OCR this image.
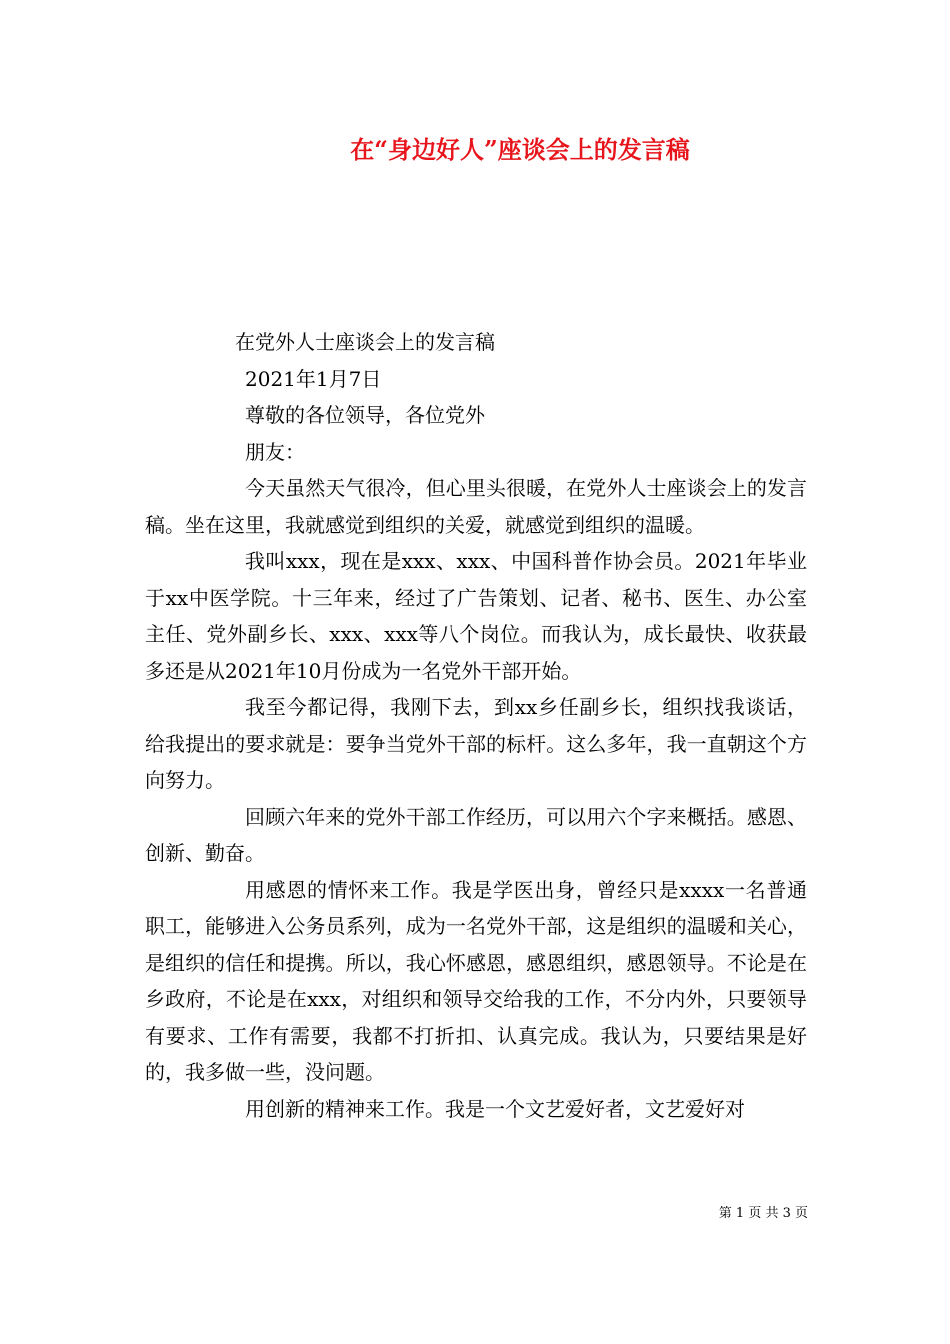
在“身边好人”座谈会上的发言稿
在党外人士座谈会上的发言稿
2021年1月7日
尊敬的各位领导，各位党外
朋友：
今天虽然天气很冷，但心里头很暖，在党外人士座谈会上的发言稿。坐在这里，我就感觉到组织的关爱，就感觉到组织的温暖。
我叫xxx，现在是xxx、xxx、中国科普作协会员。2021年毕业于xx中医学院。十三年来，经过了广告策划、记者、秘书、医生、办公室主任、党外副乡长、xxx、xxx等八个岗位。而我认为，成长最快、收获最多还是从2021年10月份成为一名党外干部开始。
我至今都记得，我刚下去，到xx乡任副乡长，组织找我谈话，给我提出的要求就是：要争当党外干部的标杆。这么多年，我一直朝这个方向努力。
回顾六年来的党外干部工作经历，可以用六个字来概括。感恩、创新、勤奋。
用感恩的情怀来工作。我是学医出身，曾经只是xxxx一名普通职工，能够进入公务员系列，成为一名党外干部，这是组织的温暖和关心，是组织的信任和提携。所以，我心怀感恩，感恩组织，感恩领导。不论是在乡政府，不论是在xxx，对组织和领导交给我的工作，不分内外，只要领导有要求、工作有需要，我都不打折扣、认真完成。我认为，只要结果是好的，我多做一些，没问题。
用创新的精神来工作。我是一个文艺爱好者，文艺爱好对
第 1 页 共 3 页
